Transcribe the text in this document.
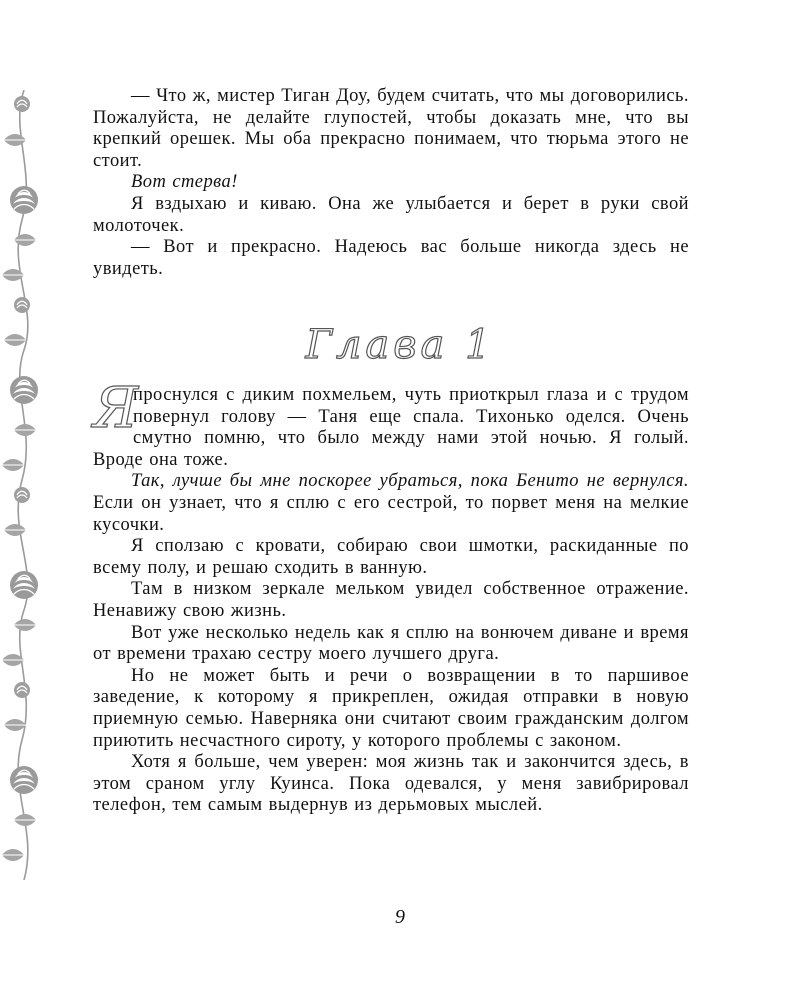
— Что ж, мистер Тиган Доу, будем считать, что мы договорились. Пожалуйста, не делайте глупостей, чтобы доказать мне, что вы крепкий орешек. Мы оба прекрасно понимаем, что тюрьма этого не стоит.

Вот стерва!

Я вздыхаю и киваю. Она же улыбается и берет в руки свой молоточек.

— Вот и прекрасно. Надеюсь вас больше никогда здесь не увидеть.

Глава 1

Я
проснулся с диким похмельем, чуть приоткрыл глаза и с трудом повернул голову — Таня еще спала. Тихонько оделся. Очень смутно помню, что было между нами этой ночью. Я голый. Вроде она тоже.

Так, лучше бы мне поскорее убраться, пока Бенито не вернулся. Если он узнает, что я сплю с его сестрой, то порвет меня на мелкие кусочки.

Я сползаю с кровати, собираю свои шмотки, раскиданные по всему полу, и решаю сходить в ванную.

Там в низком зеркале мельком увидел собственное отражение. Ненавижу свою жизнь.

Вот уже несколько недель как я сплю на вонючем диване и время от времени трахаю сестру моего лучшего друга.

Но не может быть и речи о возвращении в то паршивое заведение, к которому я прикреплен, ожидая отправки в новую приемную семью. Наверняка они считают своим гражданским долгом приютить несчастного сироту, у которого проблемы с законом.

Хотя я больше, чем уверен: моя жизнь так и закончится здесь, в этом сраном углу Куинса. Пока одевался, у меня завибрировал телефон, тем самым выдернув из дерьмовых мыслей.

9
